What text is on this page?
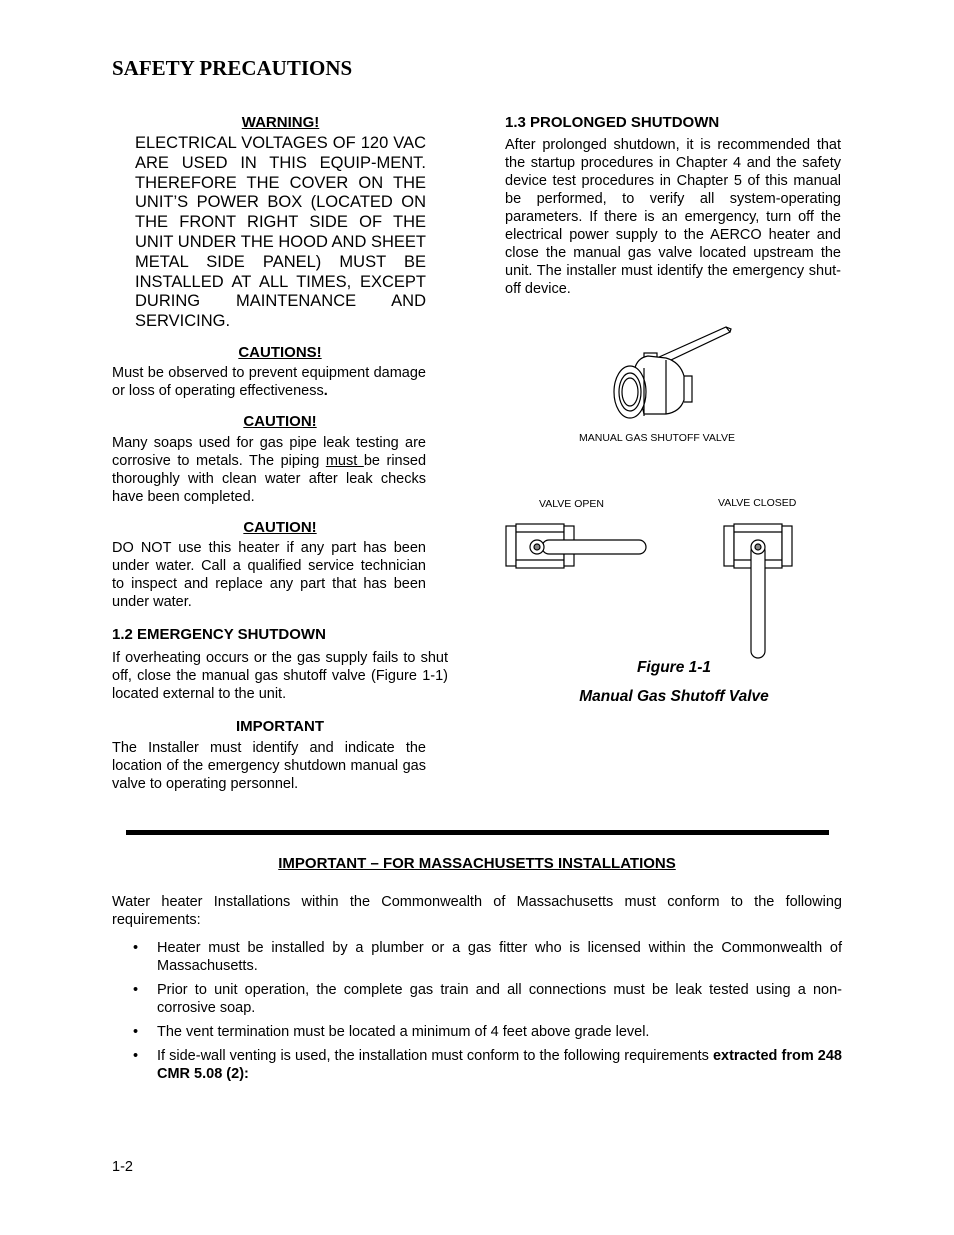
SAFETY PRECAUTIONS
WARNING!
ELECTRICAL VOLTAGES OF 120 VAC ARE USED IN THIS EQUIP-MENT. THEREFORE THE COVER ON THE UNIT’S POWER BOX (LOCATED ON THE FRONT RIGHT SIDE OF THE UNIT UNDER THE HOOD AND SHEET METAL SIDE PANEL) MUST BE INSTALLED AT ALL TIMES, EXCEPT DURING MAINTENANCE AND SERVICING.
CAUTIONS!
Must be observed to prevent equipment damage or loss of operating effectiveness.
CAUTION!
Many soaps used for gas pipe leak testing are corrosive to metals. The piping must be rinsed thoroughly with clean water after leak checks have been completed.
CAUTION!
DO NOT use this heater if any part has been under water. Call a qualified service technician to inspect and replace any part that has been under water.
1.2 EMERGENCY SHUTDOWN
If overheating occurs or the gas supply fails to shut off, close the manual gas shutoff valve (Figure 1-1) located external to the unit.
IMPORTANT
The Installer must identify and indicate the location of the emergency shutdown manual gas valve to operating personnel.
1.3 PROLONGED SHUTDOWN
After prolonged shutdown, it is recommended that the startup procedures in Chapter 4 and the safety device test procedures in Chapter 5 of this manual be performed, to verify all system-operating parameters. If there is an emergency, turn off the electrical power supply to the AERCO heater and close the manual gas valve located upstream the unit. The installer must identify the emergency shut-off device.
MANUAL GAS SHUTOFF VALVE
VALVE OPEN	VALVE CLOSED
Figure 1-1
Manual Gas Shutoff Valve
IMPORTANT – FOR MASSACHUSETTS INSTALLATIONS
Water heater Installations within the Commonwealth of Massachusetts must conform to the following requirements:
• Heater must be installed by a plumber or a gas fitter who is licensed within the Commonwealth of Massachusetts.
• Prior to unit operation, the complete gas train and all connections must be leak tested using a non-corrosive soap.
• The vent termination must be located a minimum of 4 feet above grade level.
• If side-wall venting is used, the installation must conform to the following requirements extracted from 248 CMR 5.08 (2):
1-2
